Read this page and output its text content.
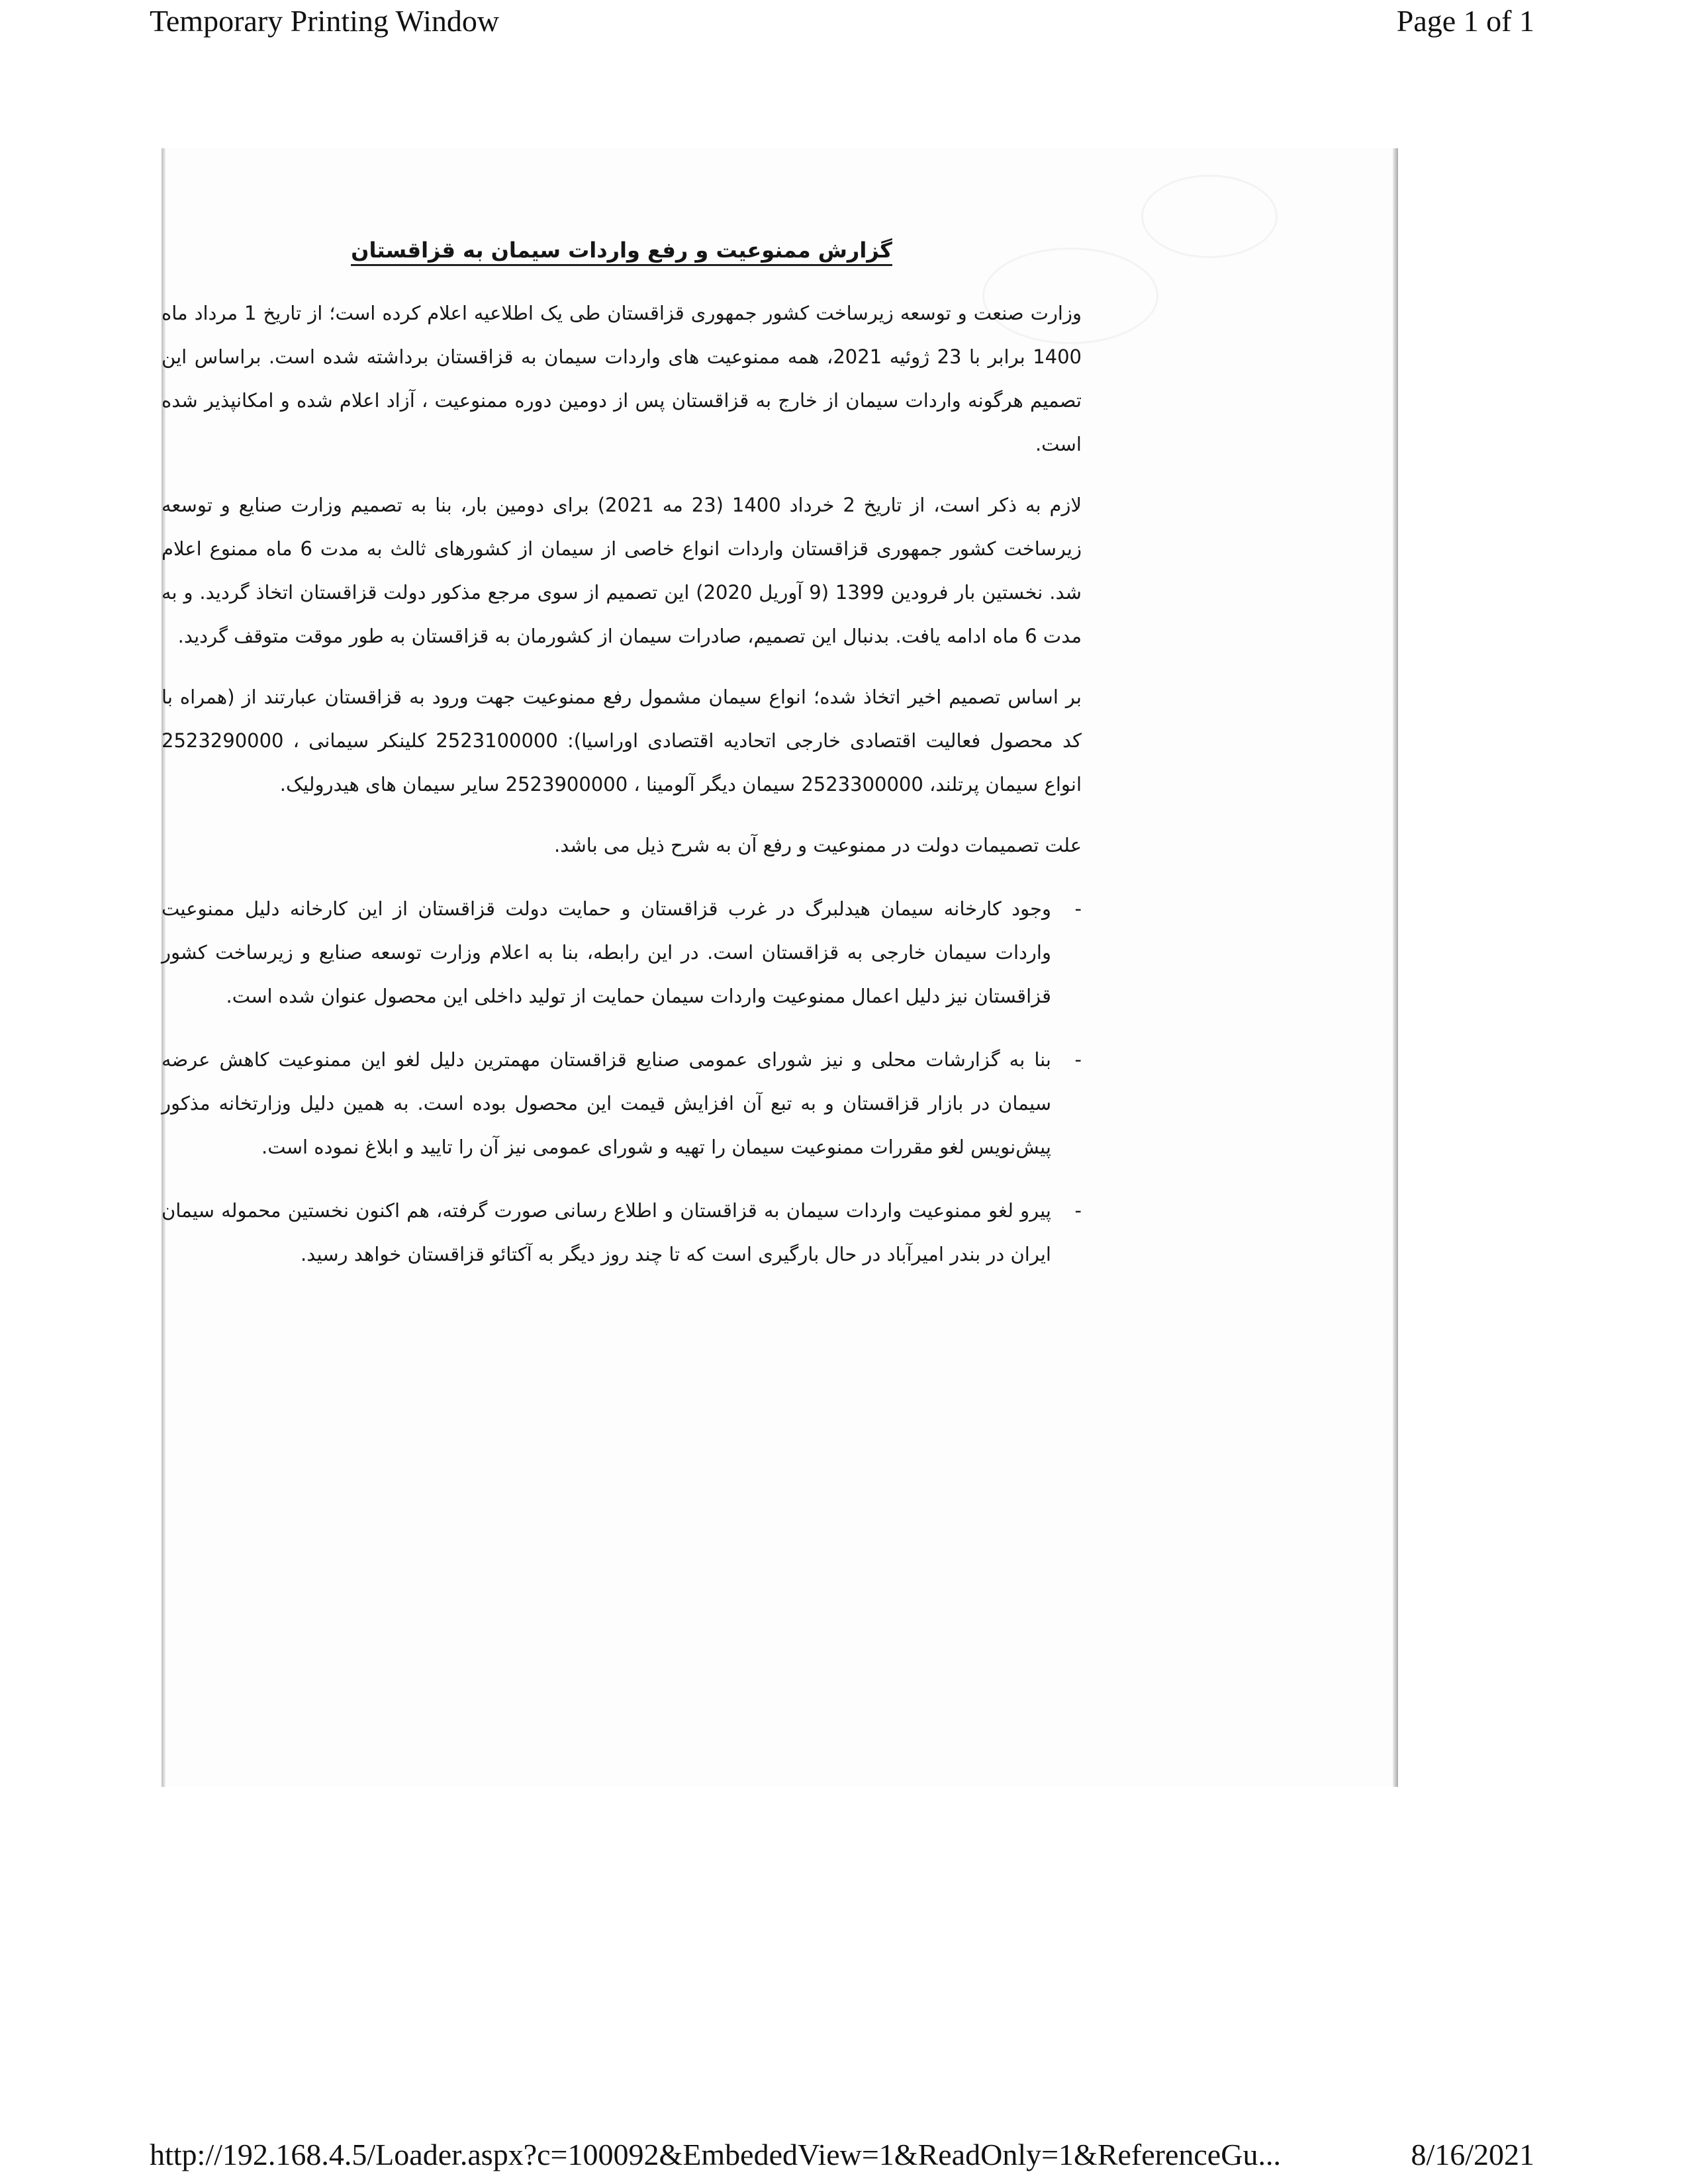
Temporary Printing Window	Page 1 of 1
گزارش ممنوعیت و رفع واردات سیمان به قزاقستان

وزارت صنعت و توسعه زیرساخت کشور جمهوری قزاقستان طی یک اطلاعیه اعلام کرده است؛ از تاریخ 1 مرداد ماه 1400 برابر با 23 ژوئیه 2021، همه ممنوعیت های واردات سیمان به قزاقستان برداشته شده است. براساس این تصمیم هرگونه واردات سیمان از خارج به قزاقستان پس از دومین دوره ممنوعیت ، آزاد اعلام شده و امکانپذیر شده است.

لازم به ذکر است، از تاریخ 2 خرداد 1400 (23 مه 2021) برای دومین بار، بنا به تصمیم وزارت صنایع و توسعه زیرساخت کشور جمهوری قزاقستان واردات انواع خاصی از سیمان از کشورهای ثالث به مدت 6 ماه ممنوع اعلام شد. نخستین بار فرودین 1399 (9 آوریل 2020) این تصمیم از سوی مرجع مذکور دولت قزاقستان اتخاذ گردید. و به مدت 6 ماه ادامه یافت. بدنبال این تصمیم، صادرات سیمان از کشورمان به قزاقستان به طور موقت متوقف گردید.

بر اساس تصمیم اخیر اتخاذ شده؛ انواع سیمان مشمول رفع ممنوعیت جهت ورود به قزاقستان عبارتند از (همراه با کد محصول فعالیت اقتصادی خارجی اتحادیه اقتصادی اوراسیا): 2523100000 کلینکر سیمانی ، 2523290000 انواع سیمان پرتلند، 2523300000 سیمان دیگر آلومینا ، 2523900000 سایر سیمان های هیدرولیک.

علت تصمیمات دولت در ممنوعیت و رفع آن به شرح ذیل می باشد.

-
وجود کارخانه سیمان هیدلبرگ در غرب قزاقستان و حمایت دولت قزاقستان از این کارخانه دلیل ممنوعیت واردات سیمان خارجی به قزاقستان است. در این رابطه، بنا به اعلام وزارت توسعه صنایع و زیرساخت کشور قزاقستان نیز دلیل اعمال ممنوعیت واردات سیمان حمایت از تولید داخلی این محصول عنوان شده است.
-
بنا به گزارشات محلی و نیز شورای عمومی صنایع قزاقستان مهمترین دلیل لغو این ممنوعیت کاهش عرضه سیمان در بازار قزاقستان و به تبع آن افزایش قیمت این محصول بوده است. به همین دلیل وزارتخانه مذکور پیش‌نویس لغو مقررات ممنوعیت سیمان را تهیه و شورای عمومی نیز آن را تایید و ابلاغ نموده است.
-
پیرو لغو ممنوعیت واردات سیمان به قزاقستان و اطلاع رسانی صورت گرفته، هم اکنون نخستین محموله سیمان ایران در بندر امیرآباد در حال بارگیری است که تا چند روز دیگر به آکتائو قزاقستان خواهد رسید.
http://192.168.4.5/Loader.aspx?c=100092&EmbededView=1&ReadOnly=1&ReferenceGu...	8/16/2021
